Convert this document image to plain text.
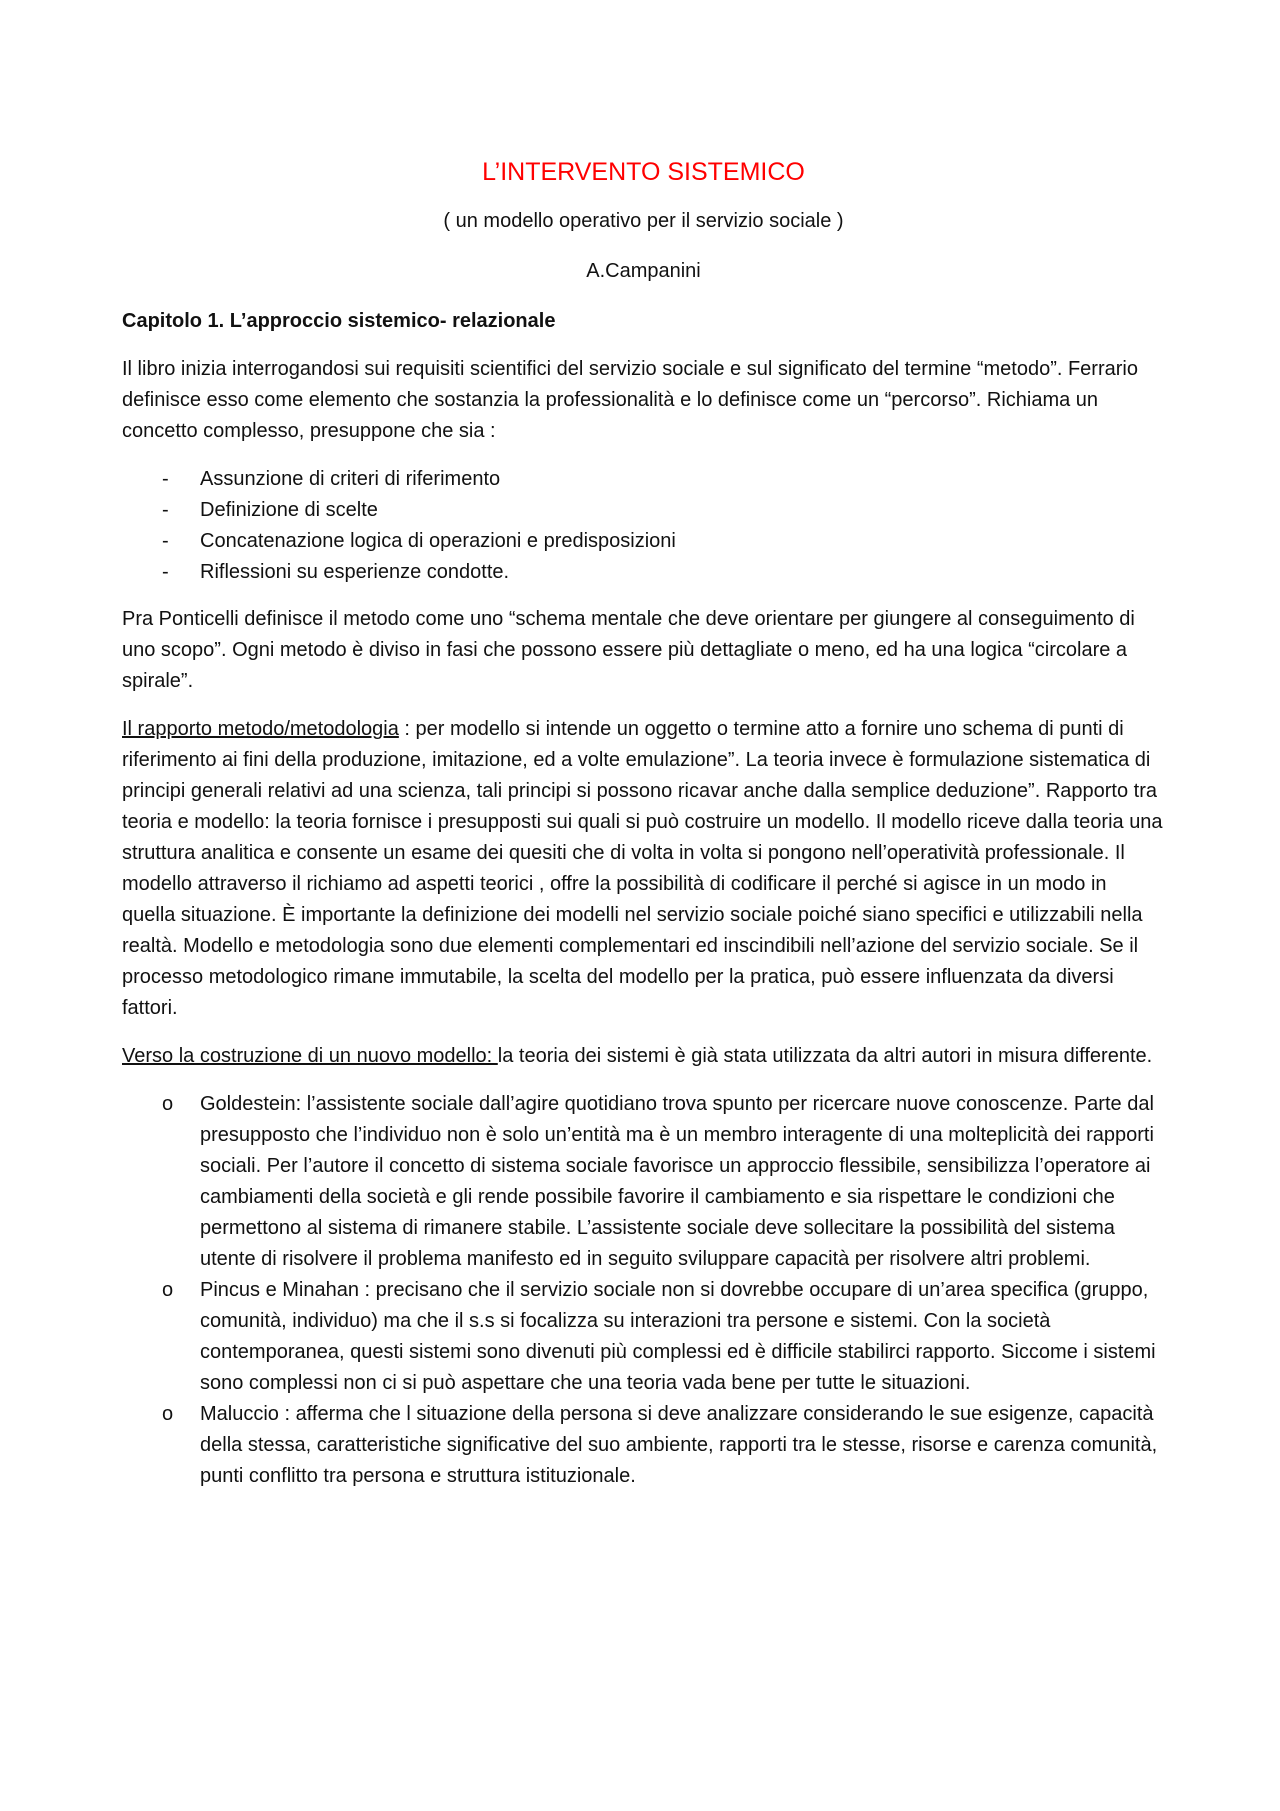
L’INTERVENTO SISTEMICO
( un modello operativo per il servizio sociale )
A.Campanini
Capitolo 1. L’approccio sistemico- relazionale

Il libro inizia interrogandosi sui requisiti scientifici del servizio sociale e sul significato del termine “metodo”. Ferrario definisce esso come elemento che sostanzia la professionalità e lo definisce come un “percorso”. Richiama un concetto complesso, presuppone che sia :

- Assunzione di criteri di riferimento
- Definizione di scelte
- Concatenazione logica di operazioni e predisposizioni
- Riflessioni su esperienze condotte.

Pra Ponticelli definisce il metodo come uno “schema mentale che deve orientare per giungere al conseguimento di uno scopo”. Ogni metodo è diviso in fasi che possono essere più dettagliate o meno, ed ha una logica “circolare a spirale”.

Il rapporto metodo/metodologia : per modello si intende un oggetto o termine atto a fornire uno schema di punti di riferimento ai fini della produzione, imitazione, ed a volte emulazione”. La teoria invece è formulazione sistematica di principi generali relativi ad una scienza, tali principi si possono ricavar anche dalla semplice deduzione”. Rapporto tra teoria e modello: la teoria fornisce i presupposti sui quali si può costruire un modello. Il modello riceve dalla teoria una struttura analitica e consente un esame dei quesiti che di volta in volta si pongono nell’operatività professionale. Il modello attraverso il richiamo ad aspetti teorici , offre la possibilità di codificare il perché si agisce in un modo in quella situazione. È importante la definizione dei modelli nel servizio sociale poiché siano specifici e utilizzabili nella realtà. Modello e metodologia sono due elementi complementari ed inscindibili nell’azione del servizio sociale. Se il processo metodologico rimane immutabile, la scelta del modello per la pratica, può essere influenzata da diversi fattori.

Verso la costruzione di un nuovo modello: la teoria dei sistemi è già stata utilizzata da altri autori in misura differente.

o Goldestein: l’assistente sociale dall’agire quotidiano trova spunto per ricercare nuove conoscenze. Parte dal presupposto che l’individuo non è solo un’entità ma è un membro interagente di una molteplicità dei rapporti sociali. Per l’autore il concetto di sistema sociale favorisce un approccio flessibile, sensibilizza l’operatore ai cambiamenti della società e gli rende possibile favorire il cambiamento e sia rispettare le condizioni che permettono al sistema di rimanere stabile. L’assistente sociale deve sollecitare la possibilità del sistema utente di risolvere il problema manifesto ed in seguito sviluppare capacità per risolvere altri problemi.
o Pincus e Minahan : precisano che il servizio sociale non si dovrebbe occupare di un’area specifica (gruppo, comunità, individuo) ma che il s.s si focalizza su interazioni tra persone e sistemi. Con la società contemporanea, questi sistemi sono divenuti più complessi ed è difficile stabilirci rapporto. Siccome i sistemi sono complessi non ci si può aspettare che una teoria vada bene per tutte le situazioni.
o Maluccio : afferma che l situazione della persona si deve analizzare considerando le sue esigenze, capacità della stessa, caratteristiche significative del suo ambiente, rapporti tra le stesse, risorse e carenza comunità, punti conflitto tra persona e struttura istituzionale.
